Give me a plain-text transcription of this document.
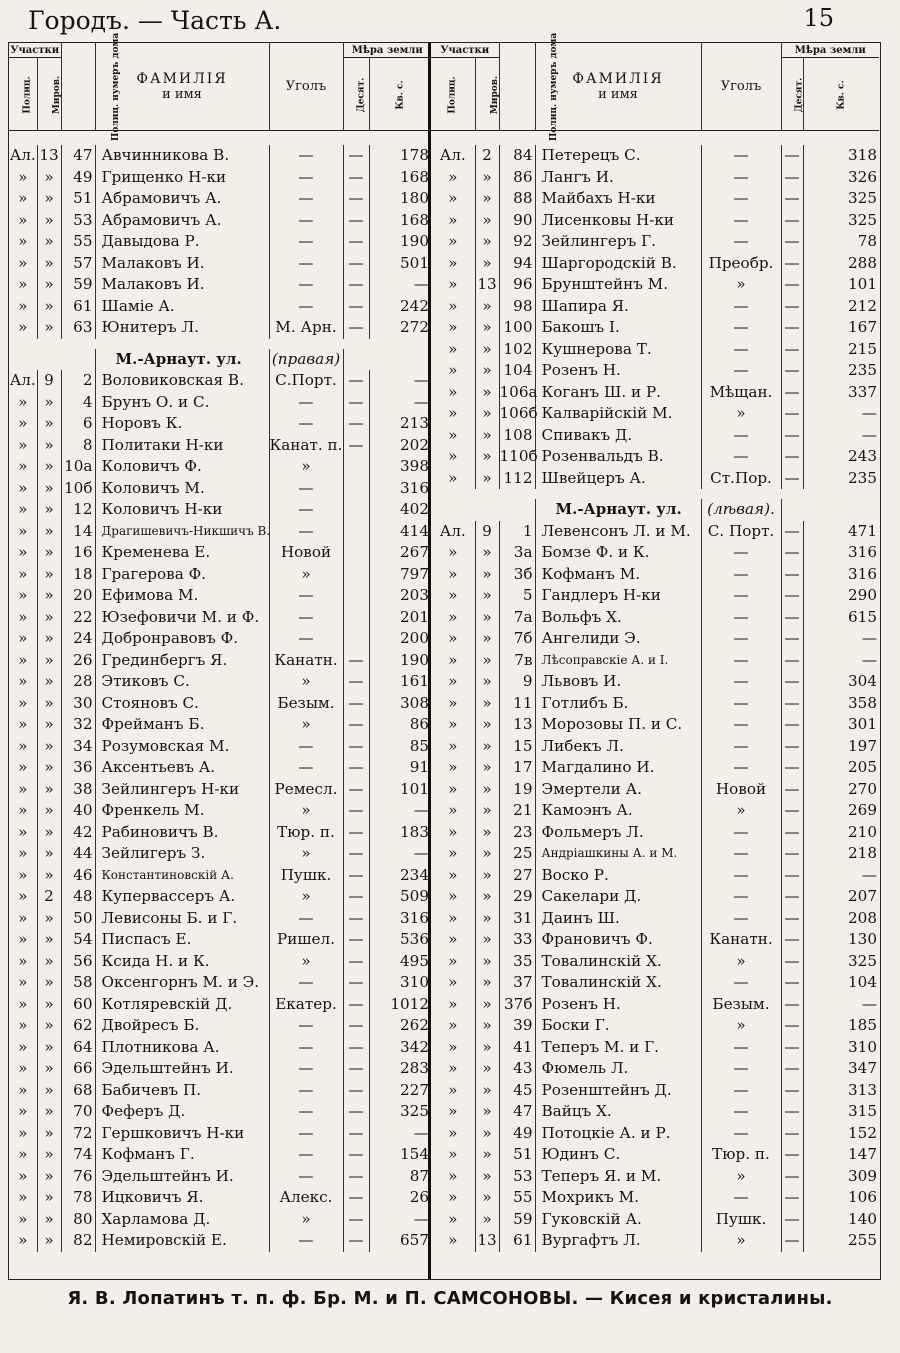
Городъ. — Часть А.	15
Участки		Полиц. нумеръ дома	ФАМИЛІЯ
и имя	Уголъ	Мѣра земли	
Полиц.	Миров.				Десят.	Кв. с.

Ал.	13	47	Авчинникова В.	—	—	178
»	»	49	Грищенко Н-ки	—	—	168
»	»	51	Абрамовичъ А.	—	—	180
»	»	53	Абрамовичъ А.	—	—	168
»	»	55	Давыдова Р.	—	—	190
»	»	57	Малаковъ И.	—	—	501
»	»	59	Малаковъ И.	—	—	—
»	»	61	Шаміе А.	—	—	242
»	»	63	Юнитеръ Л.	М. Арн.	—	272

			М.-Арнаут. ул.	(правая)		
Ал.	9	2	Воловиковская В.	С.Порт.	—	—
»	»	4	Брунъ О. и С.	—	—	—
»	»	6	Норовъ К.	—	—	213
»	»	8	Политаки Н-ки	Канат. п.	—	202
»	»	10а	Коловичъ Ф.	»		398
»	»	10б	Коловичъ М.	—		316
»	»	12	Коловичъ Н-ки	—		402
»	»	14	Драгишевичъ-Никшичъ В.	—		414
»	»	16	Кременева Е.	Новой		267
»	»	18	Грагерова Ф.	»		797
»	»	20	Ефимова М.	—		203
»	»	22	Юзефовичи М. и Ф.	—		201
»	»	24	Добронравовъ Ф.	—		200
»	»	26	Грединбергъ Я.	Канатн.	—	190
»	»	28	Этиковъ С.	»	—	161
»	»	30	Стояновъ С.	Безым.	—	308
»	»	32	Фрейманъ Б.	»	—	86
»	»	34	Розумовская М.	—	—	85
»	»	36	Аксентьевъ А.	—	—	91
»	»	38	Зейлингеръ Н-ки	Ремесл.	—	101
»	»	40	Френкель М.	»	—	—
»	»	42	Рабиновичъ В.	Тюр. п.	—	183
»	»	44	Зейлигеръ З.	»	—	—
»	»	46	Константиновскій А.	Пушк.	—	234
»	2	48	Купервассеръ А.	»	—	509
»	»	50	Левисоны Б. и Г.	—	—	316
»	»	54	Писпасъ Е.	Ришел.	—	536
»	»	56	Ксида Н. и К.	»	—	495
»	»	58	Оксенгорнъ М. и Э.	—	—	310
»	»	60	Котляревскій Д.	Екатер.	—	1012
»	»	62	Двойресъ Б.	—	—	262
»	»	64	Плотникова А.	—	—	342
»	»	66	Эдельштейнъ И.	—	—	283
»	»	68	Бабичевъ П.	—	—	227
»	»	70	Феферъ Д.	—	—	325
»	»	72	Гершковичъ Н-ки	—	—	—
»	»	74	Кофманъ Г.	—	—	154
»	»	76	Эдельштейнъ И.	—	—	87
»	»	78	Ицковичъ Я.	Алекс.	—	26
»	»	80	Харламова Д.	»	—	—
»	»	82	Немировскій Е.	—	—	657
Участки		Полиц. нумеръ дома	ФАМИЛІЯ
и имя	Уголъ	Мѣра земли	
Полиц.	Миров.				Десят.	Кв. с.

Ал.	2	84	Петерецъ С.	—	—	318
»	»	86	Лангъ И.	—	—	326
»	»	88	Майбахъ Н-ки	—	—	325
»	»	90	Лисенковы Н-ки	—	—	325
»	»	92	Зейлингеръ Г.	—	—	78
»	»	94	Шаргородскій В.	Преобр.	—	288
»	13	96	Брунштейнъ М.	»	—	101
»	»	98	Шапира Я.	—	—	212
»	»	100	Бакошъ І.	—	—	167
»	»	102	Кушнерова Т.	—	—	215
»	»	104	Розенъ Н.	—	—	235
»	»	106а	Коганъ Ш. и Р.	Мѣщан.	—	337
»	»	106б	Калварійскій М.	»	—	—
»	»	108	Спивакъ Д.	—	—	—
»	»	110б	Розенвальдъ В.	—	—	243
»	»	112	Швейцеръ А.	Ст.Пор.	—	235

			М.-Арнаут. ул.	(лѣвая).		
Ал.	9	1	Левенсонъ Л. и М.	С. Порт.	—	471
»	»	3а	Бомзе Ф. и К.	—	—	316
»	»	3б	Кофманъ М.	—	—	316
»	»	5	Гандлеръ Н-ки	—	—	290
»	»	7а	Вольфъ Х.	—	—	615
»	»	7б	Ангелиди Э.	—	—	—
»	»	7в	Лѣсоправскіе А. и І.	—	—	—
»	»	9	Львовъ И.	—	—	304
»	»	11	Готлибъ Б.	—	—	358
»	»	13	Морозовы П. и С.	—	—	301
»	»	15	Либекъ Л.	—	—	197
»	»	17	Магдалино И.	—	—	205
»	»	19	Эмертели А.	Новой	—	270
»	»	21	Камоэнъ А.	»	—	269
»	»	23	Фольмеръ Л.	—	—	210
»	»	25	Андріашкины А. и М.	—	—	218
»	»	27	Воско Р.	—	—	—
»	»	29	Сакелари Д.	—	—	207
»	»	31	Даинъ Ш.	—	—	208
»	»	33	Франовичъ Ф.	Канатн.	—	130
»	»	35	Товалинскій Х.	»	—	325
»	»	37	Товалинскій Х.	—	—	104
»	»	37б	Розенъ Н.	Безым.	—	—
»	»	39	Боски Г.	»	—	185
»	»	41	Теперъ М. и Г.	—	—	310
»	»	43	Фюмель Л.	—	—	347
»	»	45	Розенштейнъ Д.	—	—	313
»	»	47	Вайцъ Х.	—	—	315
»	»	49	Потоцкіе А. и Р.	—	—	152
»	»	51	Юдинъ С.	Тюр. п.	—	147
»	»	53	Теперъ Я. и М.	»	—	309
»	»	55	Мохрикъ М.	—	—	106
»	»	59	Гуковскій А.	Пушк.	—	140
»	13	61	Вургафтъ Л.	»	—	255
Я. В. Лопатинъ т. п. ф. Бр. М. и П. САМСОНОВЫ. — Кисея и кристалины.
